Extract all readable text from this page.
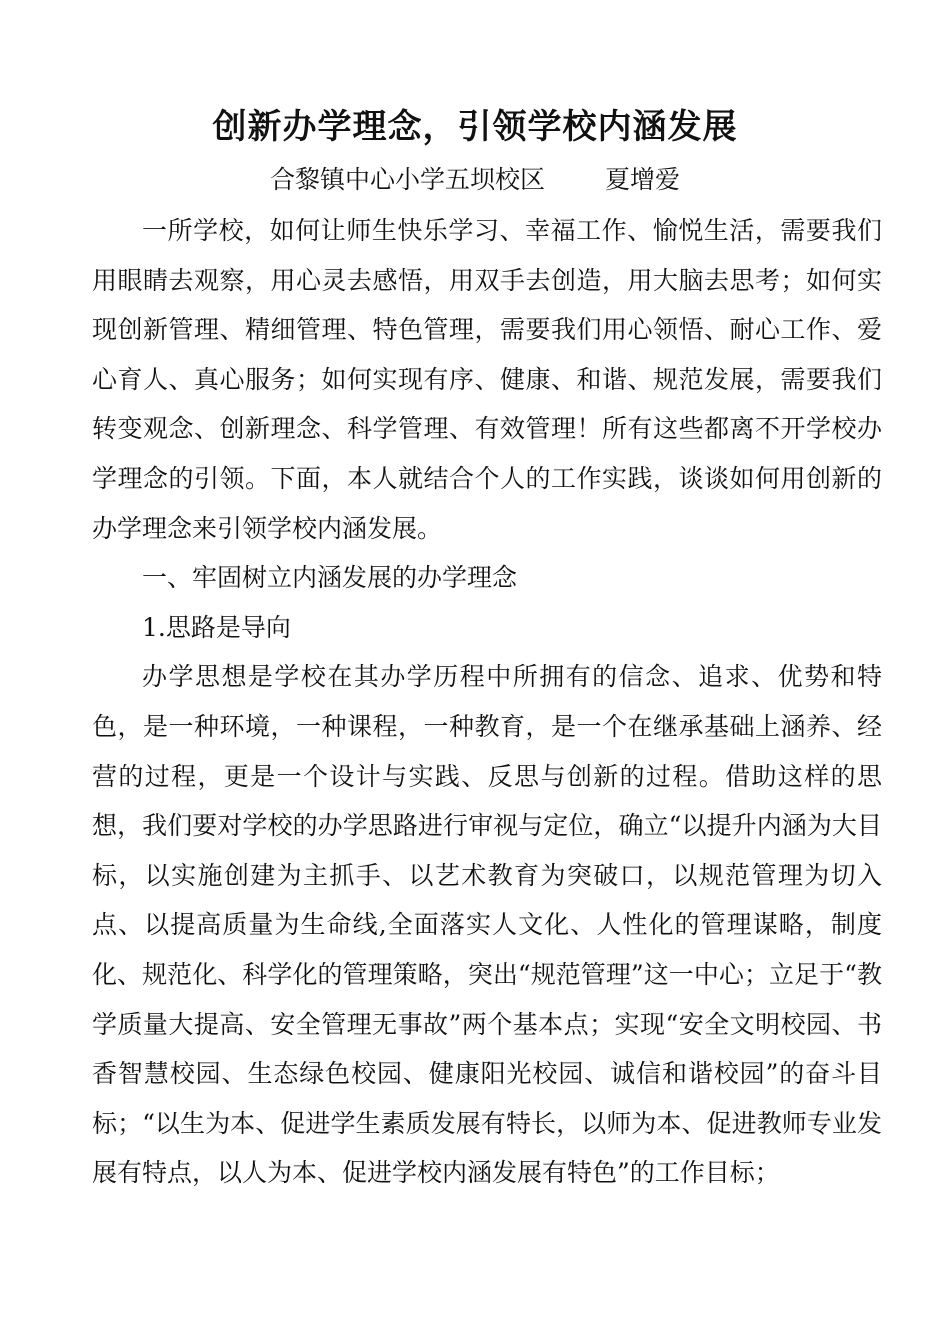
创新办学理念，引领学校内涵发展
合黎镇中心小学五坝校区 夏增爱

一所学校，如何让师生快乐学习、幸福工作、愉悦生活，需要我们用眼睛去观察，用心灵去感悟，用双手去创造，用大脑去思考；如何实现创新管理、精细管理、特色管理，需要我们用心领悟、耐心工作、爱心育人、真心服务；如何实现有序、健康、和谐、规范发展，需要我们转变观念、创新理念、科学管理、有效管理！所有这些都离不开学校办学理念的引领。下面，本人就结合个人的工作实践，谈谈如何用创新的办学理念来引领学校内涵发展。

一、牢固树立内涵发展的办学理念

1.思路是导向

办学思想是学校在其办学历程中所拥有的信念、追求、优势和特色，是一种环境，一种课程，一种教育，是一个在继承基础上涵养、经营的过程，更是一个设计与实践、反思与创新的过程。借助这样的思想，我们要对学校的办学思路进行审视与定位，确立“以提升内涵为大目标，以实施创建为主抓手、以艺术教育为突破口，以规范管理为切入点、以提高质量为生命线,全面落实人文化、人性化的管理谋略，制度化、规范化、科学化的管理策略，突出“规范管理”这一中心；立足于“教学质量大提高、安全管理无事故”两个基本点；实现“安全文明校园、书香智慧校园、生态绿色校园、健康阳光校园、诚信和谐校园”的奋斗目标；“以生为本、促进学生素质发展有特长，以师为本、促进教师专业发展有特点，以人为本、促进学校内涵发展有特色”的工作目标；
